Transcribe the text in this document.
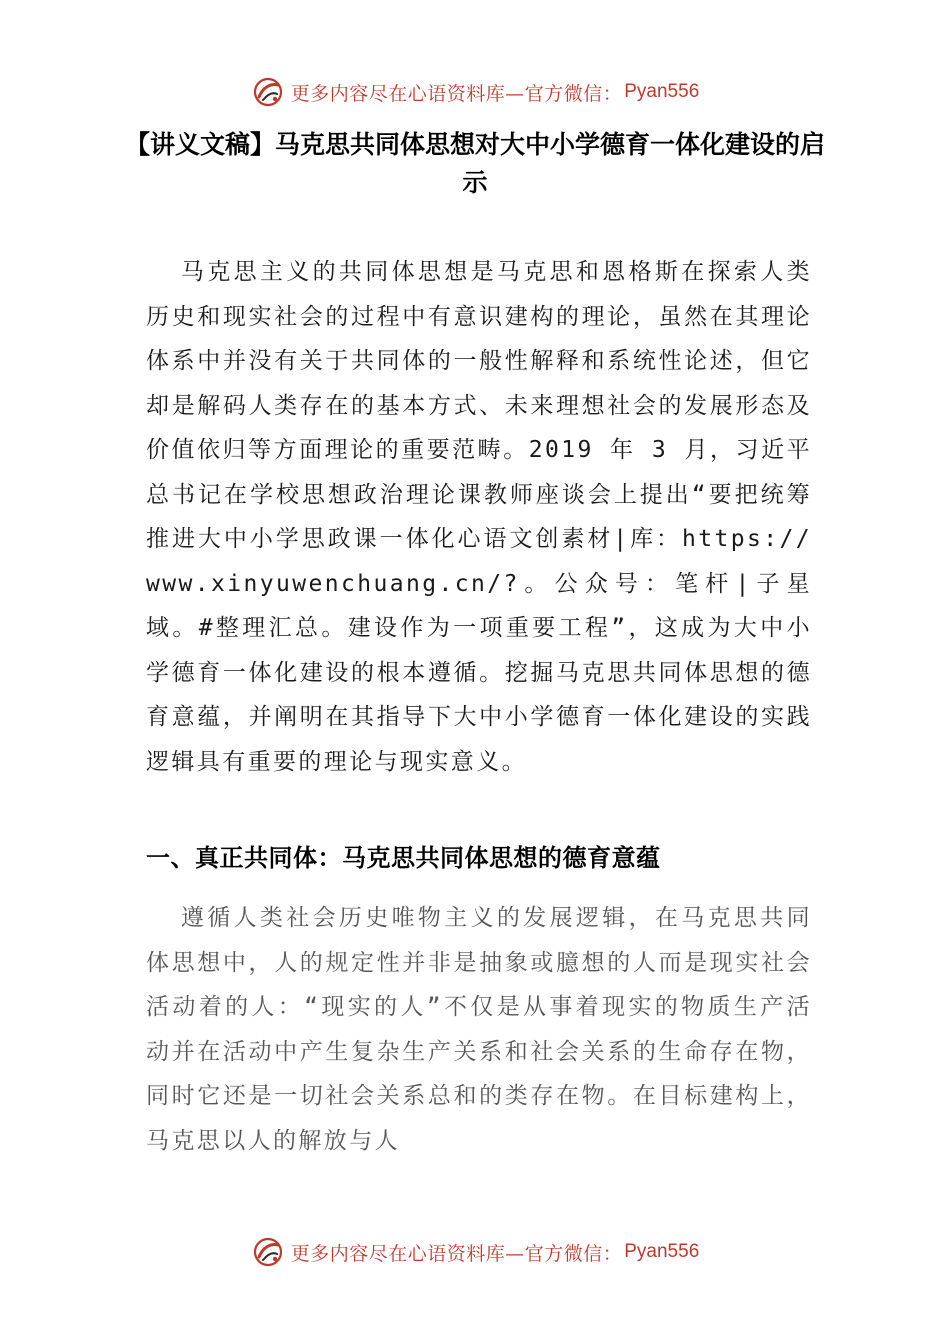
更多内容尽在心语资料库—官方微信： Pyan556
【讲义文稿】马克思共同体思想对大中小学德育一体化建设的启示

马克思主义的共同体思想是马克思和恩格斯在探索人类历史和现实社会的过程中有意识建构的理论，虽然在其理论体系中并没有关于共同体的一般性解释和系统性论述，但它却是解码人类存在的基本方式、未来理想社会的发展形态及价值依归等方面理论的重要范畴。2019 年 3 月，习近平总书记在学校思想政治理论课教师座谈会上提出“要把统筹推进大中小学思政课一体化心语文创素材|库：https://www.xinyuwenchuang.cn/?。公众号：笔杆|子星域。#整理汇总。建设作为一项重要工程”，这成为大中小学德育一体化建设的根本遵循。挖掘马克思共同体思想的德育意蕴，并阐明在其指导下大中小学德育一体化建设的实践逻辑具有重要的理论与现实意义。

一、真正共同体：马克思共同体思想的德育意蕴

遵循人类社会历史唯物主义的发展逻辑，在马克思共同体思想中，人的规定性并非是抽象或臆想的人而是现实社会活动着的人：“现实的人”不仅是从事着现实的物质生产活动并在活动中产生复杂生产关系和社会关系的生命存在物，同时它还是一切社会关系总和的类存在物。在目标建构上，马克思以人的解放与人

更多内容尽在心语资料库—官方微信： Pyan556
